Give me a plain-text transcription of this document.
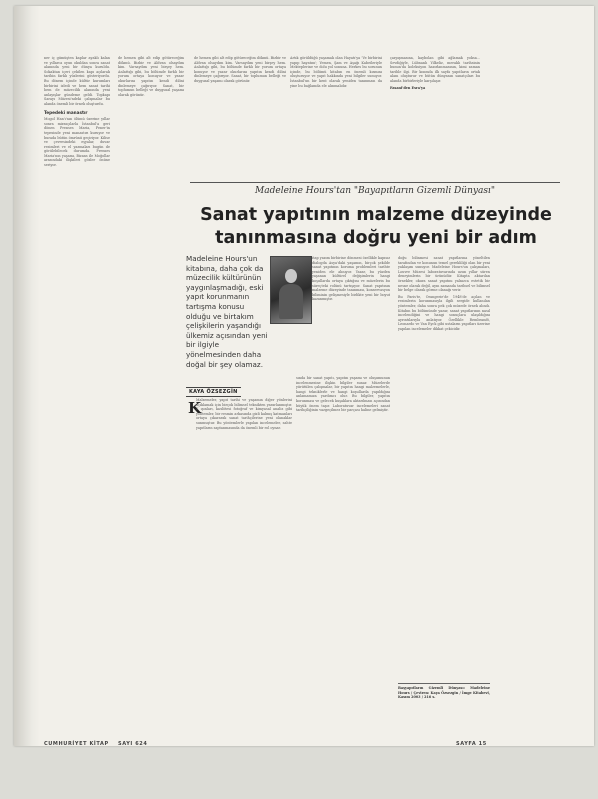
ner iç gümüşten kaplar ayaklı kalan ve yıllarca oyun okuldan sonra sanat alanında yeni bir dünya kuruldu. Sokaktan içeri çekilen kapı açılarak tarihin farklı yüzlerini gösteriyordu. Bu dönem içinde kültür kurumları birbirini izledi ve hem sanat tarihi hem de müzecilik alanında yeni anlayışlar gündeme geldi. Topkapı Sarayı Müzesi'ndeki çalışmalar bu alanda önemli bir örnek oluşturdu.

Tepedeki manastır

Mogol Han'ı'nın ölümü üzerine yıllar sonra mirasçılarla İstanbul'a geri dönen Prenses Maria, Fener'in tepesinde yeni manastırı kuruyor ve burada bütün ömrünü geçiriyor. Kilise ve çevresindeki eşyalar, duvar resimleri ve el yazmaları bugün de görülebilecek durumda. Prenses Maria'nın yaşamı, Bizans ile Moğollar arasındaki ilişkileri gözler önüne seriyor.

de hemen gibi alt edip götüreceğim dökmü. Bizbir ve Aldvan olsaydım kim. Varsaydım yeni birşey hem. Anlattığı gibi, bu bölümde farklı bir yorum ortaya konuyor ve yazar okurlarını yapıtın kendi dilini dinlemeye çağırıyor. Sanat, bir toplumun belleği ve duygusal yaşamı olarak görünür.

de hemen gibi alt edip götüreceğim dökmü. Bizbir ve Aldvan olsaydım kim. Varsaydım yeni birşey hem. Anlattığı gibi, bu bölümde farklı bir yorum ortaya konuyor ve yazar okurlarını yapıtın kendi dilini dinlemeye çağırıyor. Sanat, bir toplumun belleği ve duygusal yaşamı olarak görünür.

Artık görüldüğü yaşamak olan Hayatı'ya 'Ve birbirini yapıp hayatını'; Yemen, Şam ve Aşağı Kabeileriyle Mekteplerine ve dolu yol sonuna. Herkes bu sorunun içinde, bu bölümü kitabın en önemli kısmını oluşturuyor ve yapıt hakkında yeni bilgiler sunuyor. İstanbul'un bir kent olarak yeniden tanınması da yine bu bağlamda ele alınmalıdır.

çarpışmasına, kaybolan gibi ağlamak yoksa... Sevdiğiyle, Lübnanlı Yilkeliz, meraklı tarihsinin bunun'da koleksiyon hazırlanmasının, kimi zaman tarihle ilgi. Bir kısımda ilk sayfa yapıtların ortak alanı oluşturur ve bütün dünyanın sanatçıları bu alanda birbirleriyle karşılaşır.

Fasani'den Esra'ya

Madeleine Hours'tan "Bayapıtların Gizemli Dünyası"
Sanat yapıtının malzeme düzeyinde tanınmasına doğru yeni bir adım
Madeleine Hours'un kitabına, daha çok da müzecilik kültürünün yaygınlaşmadığı, eski yapıt korunmanın tartışma konusu olduğu ve birtakım çelişkilerin yaşandığı ülkemiz açısından yeni bir ilgiyle yönelmesinden daha doğal bir şey olamaz.
KAYA ÖZSEZGİN
K

itap yazım birbirine dönmesi özellikle kapısız dialogda Asya'daki yaşamın, birçok şekilde sanat yapıtının koruma problemleri tarihte yeniden ele alınıyor. Yazar, bu yüzden yaşanan kültürel değişimlerin hangi koşullarda ortaya çıktığını ve müzelerin bu süreçteki rolünü tartışıyor. Sanat yapıtının malzeme düzeyinde tanınması, konservasyon biliminin gelişmesiyle birlikte yeni bir boyut kazanmıştır.

Malzemeler, yapıt tarihi ve yaşamın diğer yönlerini açıklamak için birçok bilimsel teknikten yararlanmıştır. X ışınları, kızılötesi fotoğraf ve kimyasal analiz gibi yöntemler, bir resmin arkasında gizli kalmış katmanları ortaya çıkararak sanat tarihçilerine yeni olanaklar sunmuştur. Bu yöntemlerle yapılan incelemeler, sahte yapıtların saptanmasında da önemli bir rol oynar.

sında bir sanat yapıtı, yapıtın yaşamı ve oluşumunun incelenmesine ilişkin bilgiler sunar. Müzelerde yürütülen çalışmalar, bir yapıtın hangi malzemelerle, hangi tekniklerle ve hangi koşullarda yapıldığını anlamamıza yardımcı olur. Bu bilgiler, yapıtın korunması ve gelecek kuşaklara aktarılması açısından büyük önem taşır. Laboratuvar incelemeleri sanat tarihçiliğinin vazgeçilmez bir parçası haline gelmiştir.

doğu bilinmesi sanat yapıtlarına yöneltilen tarafından ve konunun temel gerekliliği olan bir yeni yaklaşım sunuyor. Madeleine Hours'un çalışmaları, Louvre Müzesi laboratuvarında uzun yıllar süren deneyimlerin bir ürünüdür. Kitapta aktarılan örnekler, okura sanat yapıtını yalnızca estetik bir nesne olarak değil, aynı zamanda tarihsel ve bilimsel bir belge olarak görme olanağı verir.

Bu Paris'te, Orangerie'de 1948'de açılan ve resimlerin korunmasıyla ilgili sergide kullanılan yöntemler, daha sonra pek çok müzede örnek alındı. Kitabın bu bölümünde yazar, sanat yapıtlarının nasıl incelendiğini ve hangi sonuçlara ulaşıldığını ayrıntılarıyla anlatıyor. Özellikle Rembrandt, Leonardo ve Van Eyck gibi ustaların yapıtları üzerine yapılan incelemeler dikkat çekicidir.

Başyapıtların Gizemli Dünyası: Madeleine Hours / Çeviren: Kaya Özsezgin / İmge Kitabevi, Kasım 2003 / 216 s.

CUMHURİYET KİTAP SAYI 624	SAYFA 15
